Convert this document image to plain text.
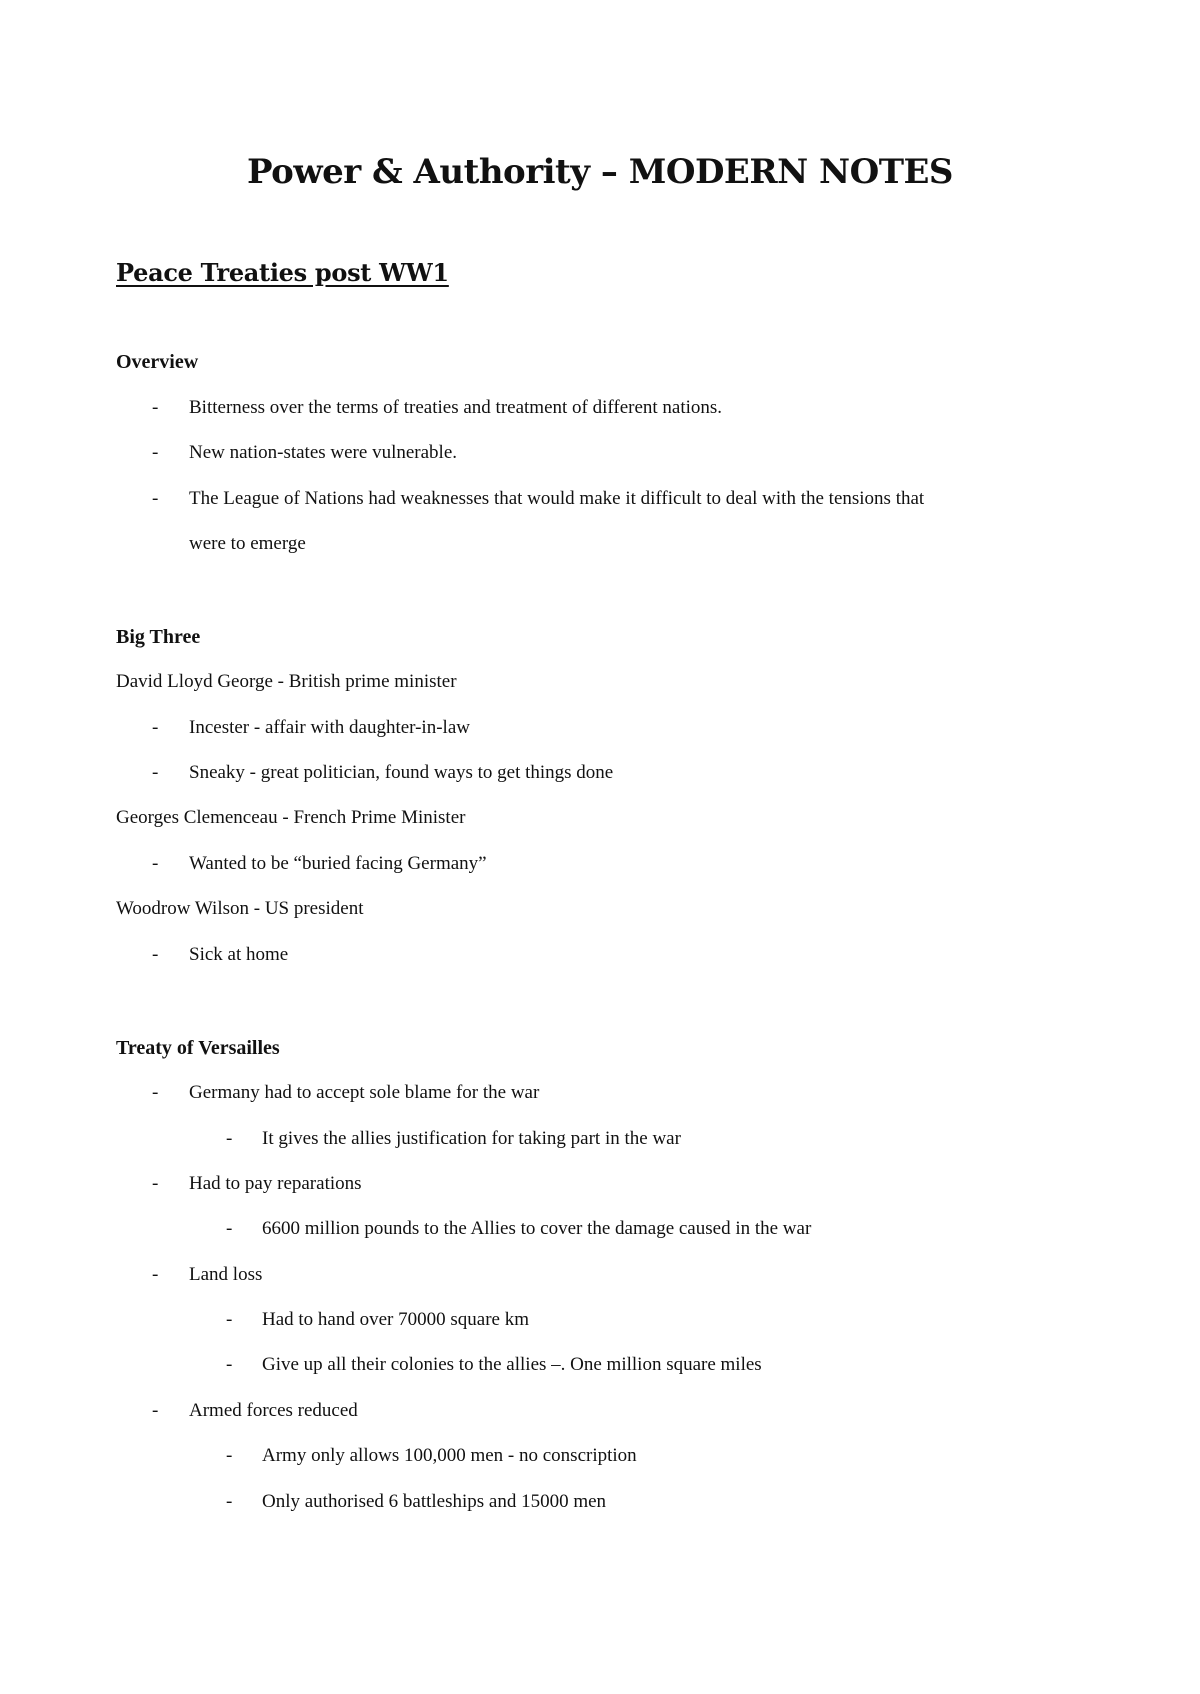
Power & Authority – MODERN NOTES
Peace Treaties post WW1
Overview
- Bitterness over the terms of treaties and treatment of different nations.
- New nation-states were vulnerable.
- The League of Nations had weaknesses that would make it difficult to deal with the tensions that
were to emerge
Big Three
David Lloyd George - British prime minister
- Incester - affair with daughter-in-law
- Sneaky - great politician, found ways to get things done
Georges Clemenceau - French Prime Minister
- Wanted to be “buried facing Germany”
Woodrow Wilson - US president
- Sick at home
Treaty of Versailles
- Germany had to accept sole blame for the war
- It gives the allies justification for taking part in the war
- Had to pay reparations
- 6600 million pounds to the Allies to cover the damage caused in the war
- Land loss
- Had to hand over 70000 square km
- Give up all their colonies to the allies –. One million square miles
- Armed forces reduced
- Army only allows 100,000 men - no conscription
- Only authorised 6 battleships and 15000 men
